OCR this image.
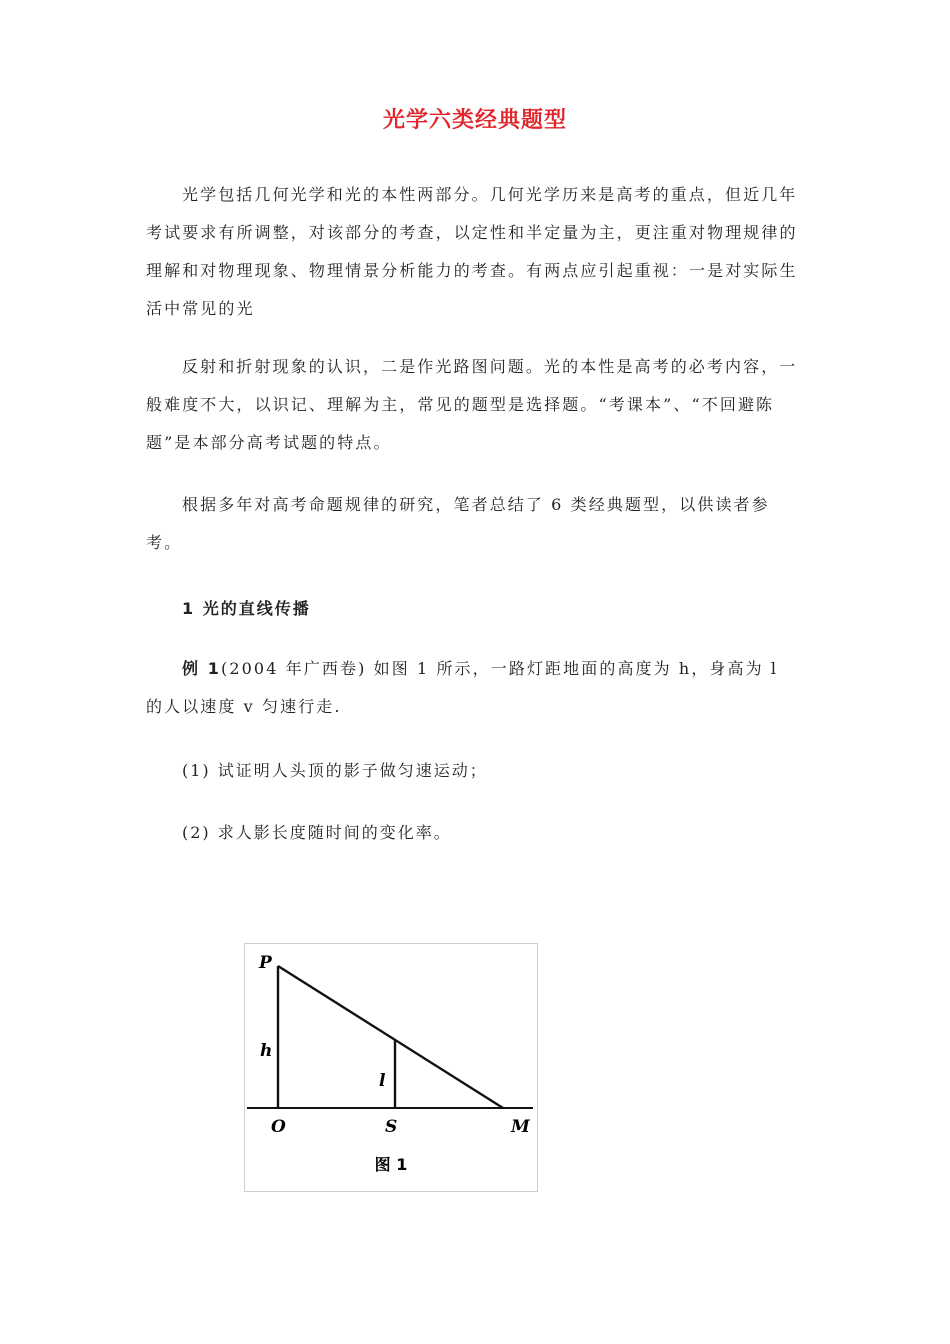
光学六类经典题型

光学包括几何光学和光的本性两部分。几何光学历来是高考的重点，但近几年考试要求有所调整，对该部分的考查，以定性和半定量为主，更注重对物理规律的理解和对物理现象、物理情景分析能力的考查。有两点应引起重视：一是对实际生活中常见的光

反射和折射现象的认识，二是作光路图问题。光的本性是高考的必考内容，一般难度不大，以识记、理解为主，常见的题型是选择题。“考课本”、“不回避陈题”是本部分高考试题的特点。

根据多年对高考命题规律的研究，笔者总结了 6 类经典题型，以供读者参考。

1 光的直线传播

例 1(2004 年广西卷) 如图 1 所示，一路灯距地面的高度为 h，身高为 l 的人以速度 v 匀速行走.

(1) 试证明人头顶的影子做匀速运动；
(2) 求人影长度随时间的变化率。
P
h
l
O	S	M
图 1
